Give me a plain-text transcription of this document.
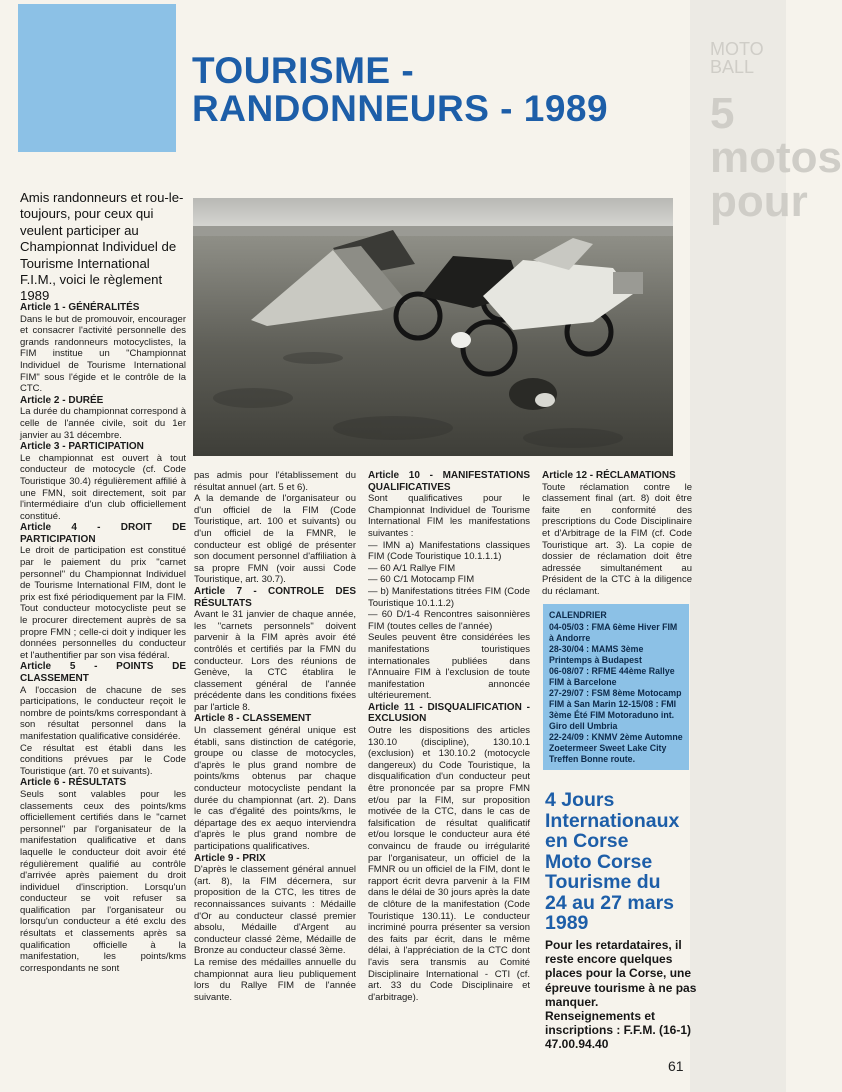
MOTO BALL
5 motos pour
TOURISME -
RANDONNEURS - 1989
Amis randonneurs et rou-le-toujours, pour ceux qui veulent participer au Championnat Individuel de Tourisme International F.I.M., voici le règlement 1989
Article 1 - GÉNÉRALITÉS

Dans le but de promouvoir, encourager et consacrer l'activité personnelle des grands randonneurs motocyclistes, la FIM institue un "Championnat Individuel de Tourisme International FIM" sous l'égide et le contrôle de la CTC.

Article 2 - DURÉE

La durée du championnat correspond à celle de l'année civile, soit du 1er janvier au 31 décembre.

Article 3 - PARTICIPATION

Le championnat est ouvert à tout conducteur de motocycle (cf. Code Touristique 30.4) régulièrement affilié à une FMN, soit directement, soit par l'intermédiaire d'un club officiellement constitué.

Article 4 - DROIT DE PARTICIPATION

Le droit de participation est constitué par le paiement du prix "carnet personnel" du Championnat Individuel de Tourisme International FIM, dont le prix est fixé périodiquement par la FIM. Tout conducteur motocycliste peut se le procurer directement auprès de sa propre FMN ; celle-ci doit y indiquer les données personnelles du conducteur et l'authentifier par son visa fédéral.

Article 5 - POINTS DE CLASSEMENT

A l'occasion de chacune de ses participations, le conducteur reçoit le nombre de points/kms correspondant à son résultat personnel dans la manifestation qualificative considérée.

Ce résultat est établi dans les conditions prévues par le Code Touristique (art. 70 et suivants).

Article 6 - RÉSULTATS

Seuls sont valables pour les classements ceux des points/kms officiellement certifiés dans le "carnet personnel" par l'organisateur de la manifestation qualificative et dans laquelle le conducteur doit avoir été régulièrement qualifié au contrôle d'arrivée après paiement du droit individuel d'inscription. Lorsqu'un conducteur se voit refuser sa qualification par l'organisateur ou lorsqu'un conducteur a été exclu des résultats et classements après sa qualification officielle à la manifestation, les points/kms correspondants ne sont

pas admis pour l'établissement du résultat annuel (art. 5 et 6).

A la demande de l'organisateur ou d'un officiel de la FIM (Code Touristique, art. 100 et suivants) ou d'un officiel de la FMNR, le conducteur est obligé de présenter son document personnel d'affiliation à sa propre FMN (voir aussi Code Touristique, art. 30.7).

Article 7 - CONTROLE DES RÉSULTATS

Avant le 31 janvier de chaque année, les "carnets personnels" doivent parvenir à la FIM après avoir été contrôlés et certifiés par la FMN du conducteur. Lors des réunions de Genève, la CTC établira le classement général de l'année précédente dans les conditions fixées par l'article 8.

Article 8 - CLASSEMENT

Un classement général unique est établi, sans distinction de catégorie, groupe ou classe de motocycles, d'après le plus grand nombre de points/kms obtenus par chaque conducteur motocycliste pendant la durée du championnat (art. 2). Dans le cas d'égalité des points/kms, le départage des ex aequo interviendra d'après le plus grand nombre de participations qualificatives.

Article 9 - PRIX

D'après le classement général annuel (art. 8), la FIM décernera, sur proposition de la CTC, les titres de reconnaissances suivants : Médaille d'Or au conducteur classé premier absolu, Médaille d'Argent au conducteur classé 2ème, Médaille de Bronze au conducteur classé 3ème.

La remise des médailles annuelle du championnat aura lieu publiquement lors du Rallye FIM de l'année suivante.

Article 10 - MANIFESTATIONS QUALIFICATIVES

Sont qualificatives pour le Championnat Individuel de Tourisme International FIM les manifestations suivantes :

— IMN a) Manifestations classiques FIM (Code Touristique 10.1.1.1)

— 60 A/1 Rallye FIM

— 60 C/1 Motocamp FIM

— b) Manifestations titrées FIM (Code Touristique 10.1.1.2)

— 60 D/1-4 Rencontres saisonnières FIM (toutes celles de l'année)

Seules peuvent être considérées les manifestations touristiques internationales publiées dans l'Annuaire FIM à l'exclusion de toute manifestation annoncée ultérieurement.

Article 11 - DISQUALIFICATION - EXCLUSION

Outre les dispositions des articles 130.10 (discipline), 130.10.1 (exclusion) et 130.10.2 (motocycle dangereux) du Code Touristique, la disqualification d'un conducteur peut être prononcée par sa propre FMN et/ou par la FIM, sur proposition motivée de la CTC, dans le cas de falsification de résultat qualificatif et/ou lorsque le conducteur aura été convaincu de fraude ou irrégularité par l'organisateur, un officiel de la FMNR ou un officiel de la FIM, dont le rapport écrit devra parvenir à la FIM dans le délai de 30 jours après la date de clôture de la manifestation (Code Touristique 130.11). Le conducteur incriminé pourra présenter sa version des faits par écrit, dans le même délai, à l'appréciation de la CTC dont l'avis sera transmis au Comité Disciplinaire International - CTI (cf. art. 33 du Code Disciplinaire et d'arbitrage).

Article 12 - RÉCLAMATIONS

Toute réclamation contre le classement final (art. 8) doit être faite en conformité des prescriptions du Code Disciplinaire et d'Arbitrage de la FIM (cf. Code Touristique art. 3). La copie de dossier de réclamation doit être adressée simultanément au Président de la CTC à la diligence du réclamant.

CALENDRIER
04-05/03 : FMA 6ème Hiver FIM à Andorre
28-30/04 : MAMS 3ème Printemps à Budapest
06-08/07 : RFME 44ème Rallye FIM à Barcelone
27-29/07 : FSM 8ème Motocamp FIM à San Marin 12-15/08 : FMI 3ème Été FIM Motoraduno int. Giro dell Umbria
22-24/09 : KNMV 2ème Automne Zoetermeer Sweet Lake City Treffen Bonne route.
4 Jours
Internationaux
en Corse
Moto Corse
Tourisme du
24 au 27 mars
1989

Pour les retardataires, il reste encore quelques places pour la Corse, une épreuve tourisme à ne pas manquer.

Renseignements et inscriptions : F.F.M. (16-1) 47.00.94.40

61
